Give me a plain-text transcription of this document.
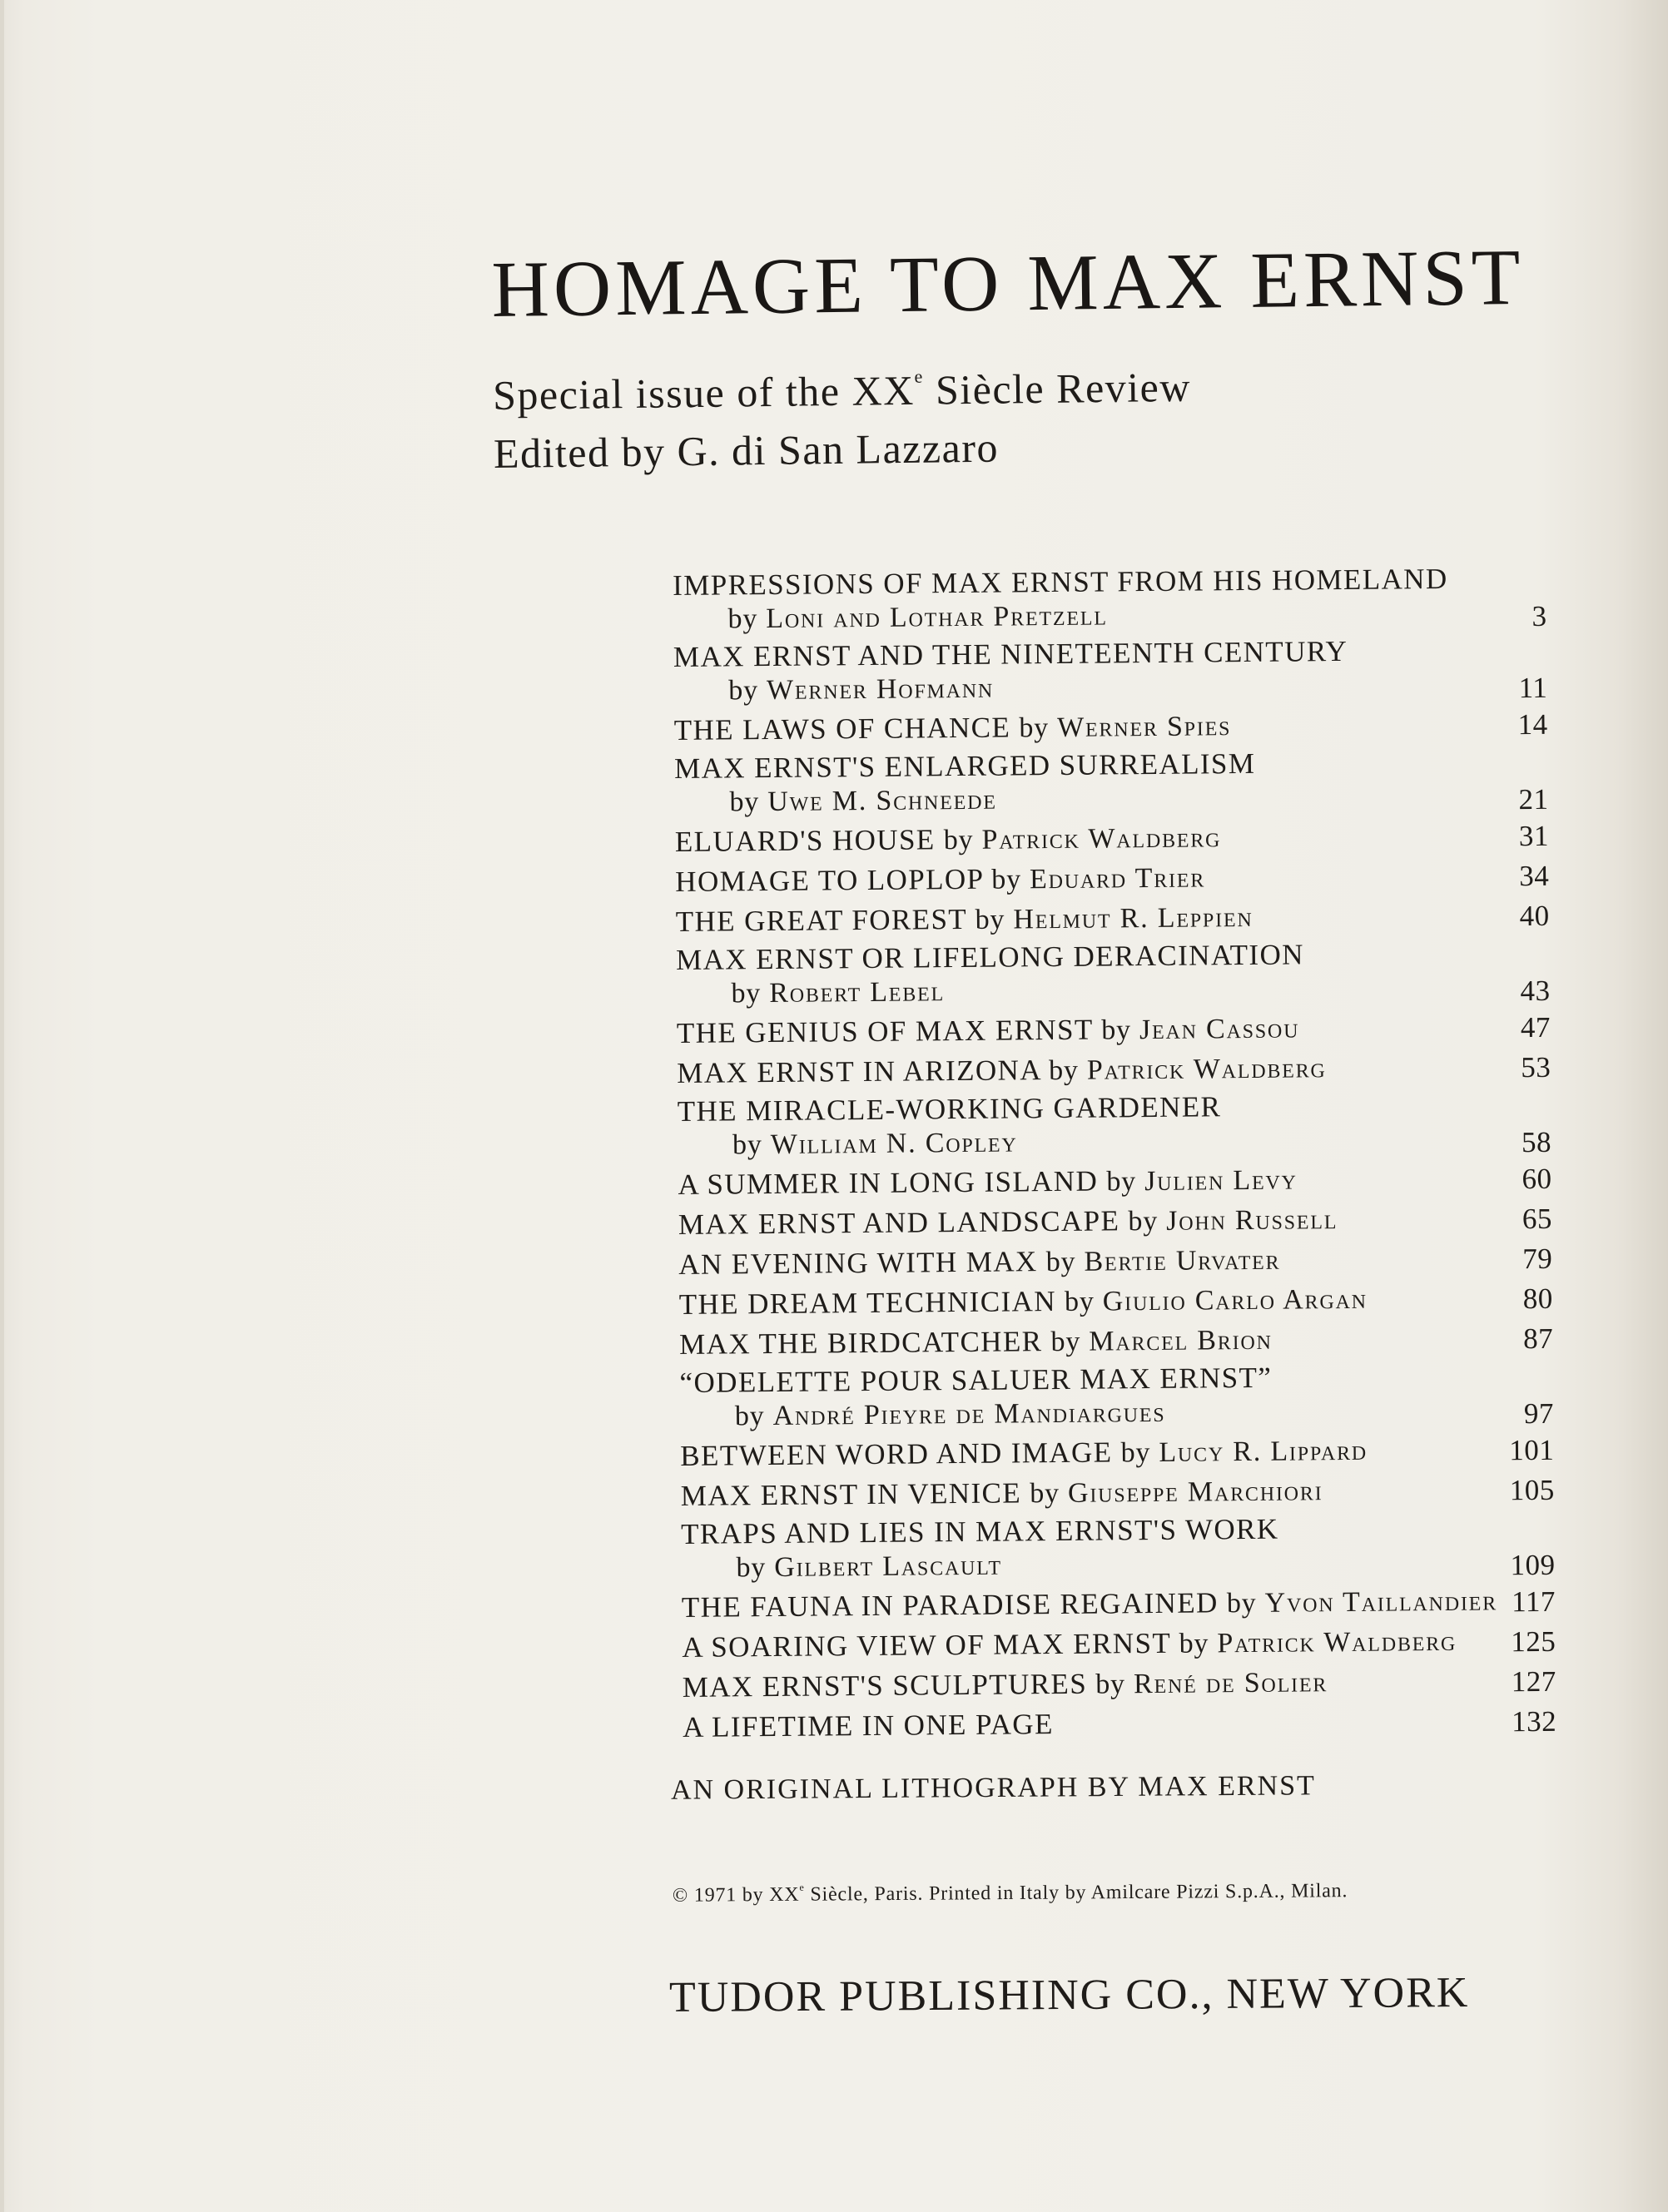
HOMAGE TO MAX ERNST

Special issue of the XXe Siècle Review

Edited by G. di San Lazzaro

IMPRESSIONS OF MAX ERNST FROM HIS HOMELAND
by Loni and Lothar Pretzell	3
MAX ERNST AND THE NINETEENTH CENTURY
by Werner Hofmann	11
THE LAWS OF CHANCE by Werner Spies	14
MAX ERNST'S ENLARGED SURREALISM
by Uwe M. Schneede	21
ELUARD'S HOUSE by Patrick Waldberg	31
HOMAGE TO LOPLOP by Eduard Trier	34
THE GREAT FOREST by Helmut R. Leppien	40
MAX ERNST OR LIFELONG DERACINATION
by Robert Lebel	43
THE GENIUS OF MAX ERNST by Jean Cassou	47
MAX ERNST IN ARIZONA by Patrick Waldberg	53
THE MIRACLE-WORKING GARDENER
by William N. Copley	58
A SUMMER IN LONG ISLAND by Julien Levy	60
MAX ERNST AND LANDSCAPE by John Russell	65
AN EVENING WITH MAX by Bertie Urvater	79
THE DREAM TECHNICIAN by Giulio Carlo Argan	80
MAX THE BIRDCATCHER by Marcel Brion	87
“ODELETTE POUR SALUER MAX ERNST”
by André Pieyre de Mandiargues	97
BETWEEN WORD AND IMAGE by Lucy R. Lippard	101
MAX ERNST IN VENICE by Giuseppe Marchiori	105
TRAPS AND LIES IN MAX ERNST'S WORK
by Gilbert Lascault	109
THE FAUNA IN PARADISE REGAINED by Yvon Taillandier 117
A SOARING VIEW OF MAX ERNST by Patrick Waldberg	125
MAX ERNST'S SCULPTURES by René de Solier	127
A LIFETIME IN ONE PAGE	132
AN ORIGINAL LITHOGRAPH BY MAX ERNST
© 1971 by XXe Siècle, Paris. Printed in Italy by Amilcare Pizzi S.p.A., Milan.
TUDOR PUBLISHING CO., NEW YORK
